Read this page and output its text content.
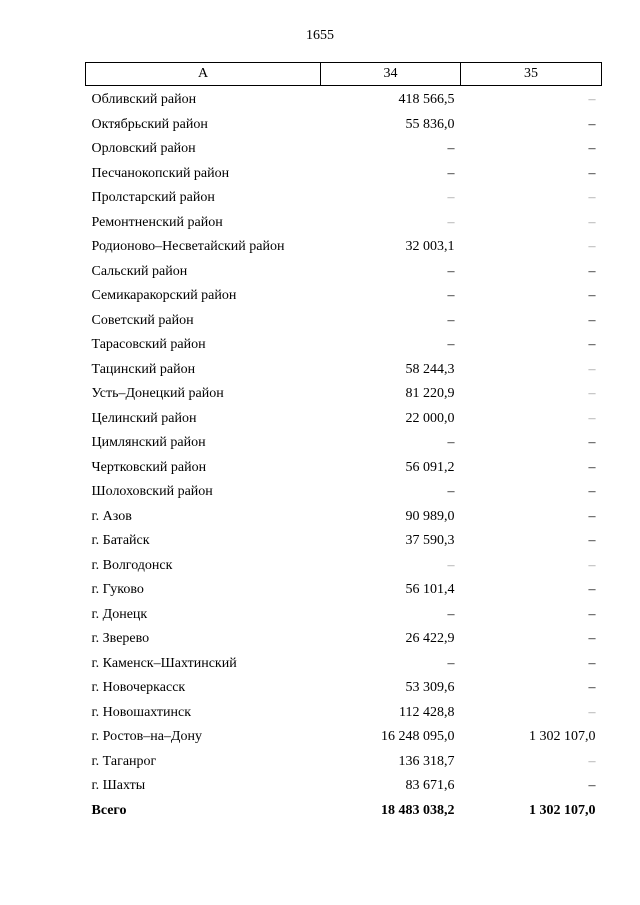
1655
А	34	35
Обливский район	418 566,5	–
Октябрьский район	55 836,0	–
Орловский район	–	–
Песчанокопский район	–	–
Пролстарский район	–	–
Ремонтненский район	–	–
Родионово–Несветайский район	32 003,1	–
Сальский район	–	–
Семикаракорский район	–	–
Советский район	–	–
Тарасовский район	–	–
Тацинский район	58 244,3	–
Усть–Донецкий район	81 220,9	–
Целинский район	22 000,0	–
Цимлянский район	–	–
Чертковский район	56 091,2	–
Шолоховский район	–	–
г. Азов	90 989,0	–
г. Батайск	37 590,3	–
г. Волгодонск	–	–
г. Гуково	56 101,4	–
г. Донецк	–	–
г. Зверево	26 422,9	–
г. Каменск–Шахтинский	–	–
г. Новочеркасск	53 309,6	–
г. Новошахтинск	112 428,8	–
г. Ростов–на–Дону	16 248 095,0	1 302 107,0
г. Таганрог	136 318,7	–
г. Шахты	83 671,6	–
Всего	18 483 038,2	1 302 107,0
